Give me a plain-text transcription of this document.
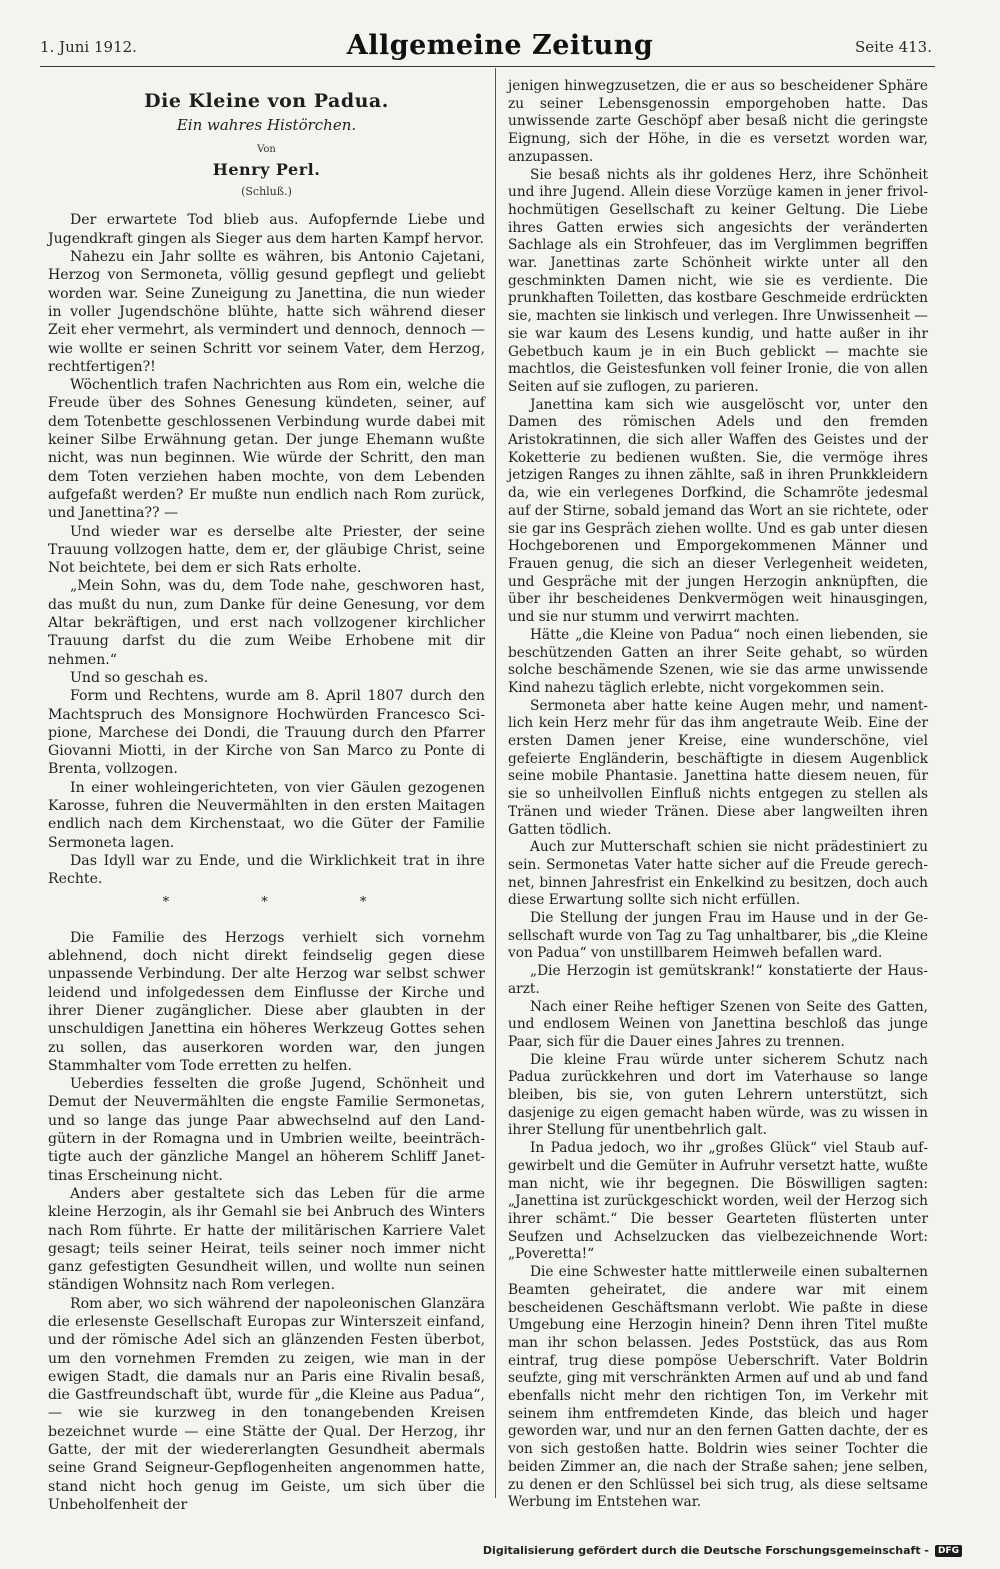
1. Juni 1912.	Allgemeine Zeitung	Seite 413.
Die Kleine von Padua.
Ein wahres Histörchen.
Von
Henry Perl.
(Schluß.)

Der erwartete Tod blieb aus. Aufopfernde Liebe und Jugendkraft gingen als Sieger aus dem harten Kampf hervor.

Nahezu ein Jahr sollte es währen, bis Antonio Cajetani, Herzog von Sermoneta, völlig gesund gepflegt und geliebt worden war. Seine Zuneigung zu Janettina, die nun wieder in voller Jugendschöne blühte, hatte sich während dieser Zeit eher vermehrt, als vermindert und dennoch, dennoch — wie wollte er seinen Schritt vor seinem Vater, dem Herzog, rechtfertigen?!

Wöchentlich trafen Nachrichten aus Rom ein, welche die Freude über des Sohnes Genesung kündeten, seiner, auf dem Totenbette geschlossenen Verbindung wurde dabei mit keiner Silbe Erwähnung getan. Der junge Ehemann wußte nicht, was nun beginnen. Wie würde der Schritt, den man dem Toten verziehen haben mochte, von dem Lebenden aufgefaßt werden? Er mußte nun endlich nach Rom zurück, und Janettina?? —

Und wieder war es derselbe alte Priester, der seine Trauung vollzogen hatte, dem er, der gläubige Christ, seine Not beichtete, bei dem er sich Rats erholte.

„Mein Sohn, was du, dem Tode nahe, geschworen hast, das mußt du nun, zum Danke für deine Genesung, vor dem Altar bekräftigen, und erst nach vollzogener kirchlicher Trauung darfst du die zum Weibe Erhobene mit dir nehmen.“

Und so geschah es.

Form und Rechtens, wurde am 8. April 1807 durch den Machtspruch des Monsignore Hochwürden Francesco Scipione, Marchese dei Dondi, die Trauung durch den Pfarrer Giovanni Miotti, in der Kirche von San Marco zu Ponte di Brenta, vollzogen.

In einer wohleingerichteten, von vier Gäulen gezogenen Karosse, fuhren die Neuvermählten in den ersten Maitagen endlich nach dem Kirchenstaat, wo die Güter der Familie Sermoneta lagen.

Das Idyll war zu Ende, und die Wirklichkeit trat in ihre Rechte.

*	*	*

Die Familie des Herzogs verhielt sich vornehm ablehnend, doch nicht direkt feindselig gegen diese unpassende Verbindung. Der alte Herzog war selbst schwer leidend und infolgedessen dem Einflusse der Kirche und ihrer Diener zugänglicher. Diese aber glaubten in der unschuldigen Janettina ein höheres Werkzeug Gottes sehen zu sollen, das auserkoren worden war, den jungen Stammhalter vom Tode erretten zu helfen.

Ueberdies fesselten die große Jugend, Schönheit und Demut der Neuvermählten die engste Familie Sermonetas, und so lange das junge Paar abwechselnd auf den Landgütern in der Romagna und in Umbrien weilte, beeinträchtigte auch der gänzliche Mangel an höherem Schliff Janettinas Erscheinung nicht.

Anders aber gestaltete sich das Leben für die arme kleine Herzogin, als ihr Gemahl sie bei Anbruch des Winters nach Rom führte. Er hatte der militärischen Karriere Valet gesagt; teils seiner Heirat, teils seiner noch immer nicht ganz gefestigten Gesundheit willen, und wollte nun seinen ständigen Wohnsitz nach Rom verlegen.

Rom aber, wo sich während der napoleonischen Glanzära die erlesenste Gesellschaft Europas zur Winterszeit einfand, und der römische Adel sich an glänzenden Festen überbot, um den vornehmen Fremden zu zeigen, wie man in der ewigen Stadt, die damals nur an Paris eine Rivalin besaß, die Gastfreundschaft übt, wurde für „die Kleine aus Padua“, — wie sie kurzweg in den tonangebenden Kreisen bezeichnet wurde — eine Stätte der Qual. Der Herzog, ihr Gatte, der mit der wiedererlangten Gesundheit abermals seine Grand Seigneur-Gepflogenheiten angenommen hatte, stand nicht hoch genug im Geiste, um sich über die Unbeholfenheit der

jenigen hinwegzusetzen, die er aus so bescheidener Sphäre zu seiner Lebensgenossin emporgehoben hatte. Das unwissende zarte Geschöpf aber besaß nicht die geringste Eignung, sich der Höhe, in die es versetzt worden war, anzupassen.

Sie besaß nichts als ihr goldenes Herz, ihre Schönheit und ihre Jugend. Allein diese Vorzüge kamen in jener frivol-hochmütigen Gesellschaft zu keiner Geltung. Die Liebe ihres Gatten erwies sich angesichts der veränderten Sachlage als ein Strohfeuer, das im Verglimmen begriffen war. Janettinas zarte Schönheit wirkte unter all den geschminkten Damen nicht, wie sie es verdiente. Die prunkhaften Toiletten, das kostbare Geschmeide erdrückten sie, machten sie linkisch und verlegen. Ihre Unwissenheit — sie war kaum des Lesens kundig, und hatte außer in ihr Gebetbuch kaum je in ein Buch geblickt — machte sie machtlos, die Geistesfunken voll feiner Ironie, die von allen Seiten auf sie zuflogen, zu parieren.

Janettina kam sich wie ausgelöscht vor, unter den Damen des römischen Adels und den fremden Aristokratinnen, die sich aller Waffen des Geistes und der Koketterie zu bedienen wußten. Sie, die vermöge ihres jetzigen Ranges zu ihnen zählte, saß in ihren Prunkkleidern da, wie ein verlegenes Dorfkind, die Schamröte jedesmal auf der Stirne, sobald jemand das Wort an sie richtete, oder sie gar ins Gespräch ziehen wollte. Und es gab unter diesen Hochgeborenen und Emporgekommenen Männer und Frauen genug, die sich an dieser Verlegenheit weideten, und Gespräche mit der jungen Herzogin anknüpften, die über ihr bescheidenes Denkvermögen weit hinausgingen, und sie nur stumm und verwirrt machten.

Hätte „die Kleine von Padua“ noch einen liebenden, sie beschützenden Gatten an ihrer Seite gehabt, so würden solche beschämende Szenen, wie sie das arme unwissende Kind nahezu täglich erlebte, nicht vorgekommen sein.

Sermoneta aber hatte keine Augen mehr, und namentlich kein Herz mehr für das ihm angetraute Weib. Eine der ersten Damen jener Kreise, eine wunderschöne, viel gefeierte Engländerin, beschäftigte in diesem Augenblick seine mobile Phantasie. Janettina hatte diesem neuen, für sie so unheilvollen Einfluß nichts entgegen zu stellen als Tränen und wieder Tränen. Diese aber langweilten ihren Gatten tödlich.

Auch zur Mutterschaft schien sie nicht prädestiniert zu sein. Sermonetas Vater hatte sicher auf die Freude gerechnet, binnen Jahresfrist ein Enkelkind zu besitzen, doch auch diese Erwartung sollte sich nicht erfüllen.

Die Stellung der jungen Frau im Hause und in der Gesellschaft wurde von Tag zu Tag unhaltbarer, bis „die Kleine von Padua“ von unstillbarem Heimweh befallen ward.

„Die Herzogin ist gemütskrank!“ konstatierte der Hausarzt.

Nach einer Reihe heftiger Szenen von Seite des Gatten, und endlosem Weinen von Janettina beschloß das junge Paar, sich für die Dauer eines Jahres zu trennen.

Die kleine Frau würde unter sicherem Schutz nach Padua zurückkehren und dort im Vaterhause so lange bleiben, bis sie, von guten Lehrern unterstützt, sich dasjenige zu eigen gemacht haben würde, was zu wissen in ihrer Stellung für unentbehrlich galt.

In Padua jedoch, wo ihr „großes Glück“ viel Staub aufgewirbelt und die Gemüter in Aufruhr versetzt hatte, wußte man nicht, wie ihr begegnen. Die Böswilligen sagten: „Janettina ist zurückgeschickt worden, weil der Herzog sich ihrer schämt.“ Die besser Gearteten flüsterten unter Seufzen und Achselzucken das vielbezeichnende Wort: „Poveretta!“

Die eine Schwester hatte mittlerweile einen subalternen Beamten geheiratet, die andere war mit einem bescheidenen Geschäftsmann verlobt. Wie paßte in diese Umgebung eine Herzogin hinein? Denn ihren Titel mußte man ihr schon belassen. Jedes Poststück, das aus Rom eintraf, trug diese pompöse Ueberschrift. Vater Boldrin seufzte, ging mit verschränkten Armen auf und ab und fand ebenfalls nicht mehr den richtigen Ton, im Verkehr mit seinem ihm entfremdeten Kinde, das bleich und hager geworden war, und nur an den fernen Gatten dachte, der es von sich gestoßen hatte. Boldrin wies seiner Tochter die beiden Zimmer an, die nach der Straße sahen; jene selben, zu denen er den Schlüssel bei sich trug, als diese seltsame Werbung im Entstehen war.

Digitalisierung gefördert durch die Deutsche Forschungsgemeinschaft -	DFG
